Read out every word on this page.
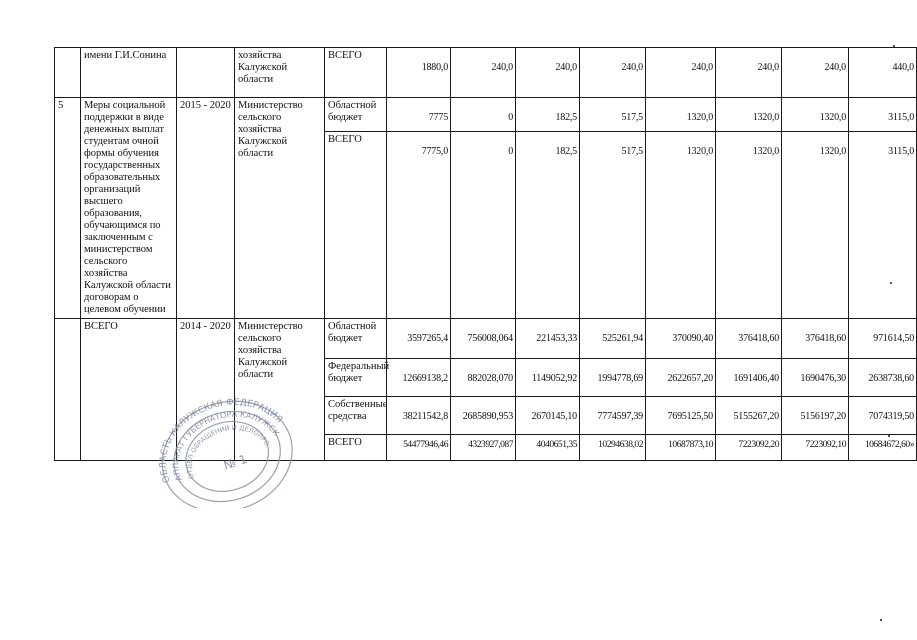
	имени Г.И.Сонина		хозяйства Калужской области	ВСЕГО	1880,0	240,0	240,0	240,0	240,0	240,0	240,0	440,0
5	Меры социальной поддержки в виде денежных выплат студентам очной формы обучения государственных образовательных организаций высшего образования, обучающимся по заключенным с министерством сельского хозяйства Калужской области договорам о целевом обучении	2015 - 2020	Министерство сельского хозяйства Калужской области	Областной бюджет	7775	0	182,5	517,5	1320,0	1320,0	1320,0	3115,0
				ВСЕГО	7775,0	0	182,5	517,5	1320,0	1320,0	1320,0	3115,0
	ВСЕГО	2014 - 2020	Министерство сельского хозяйства Калужской области	Областной бюджет	3597265,4	756008,064	221453,33	525261,94	370090,40	376418,60	376418,60	971614,50
				Федеральный бюджет	12669138,2	882028,070	1149052,92	1994778,69	2622657,20	1691406,40	1690476,30	2638738,60
				Собственные средства	38211542,8	2685890,953	2670145,10	7774597,39	7695125,50	5155267,20	5156197,20	7074319,50
				ВСЕГО	54477946,46	4323927,087	4040651,35	10294638,02	10687873,10	7223092,20	7223092,10	10684672,60»
ОБЛАСТЬ КАЛУЖСКАЯ ФЕДЕРАЦИЯ
АППАРАТ ГУБЕРНАТОРА КАЛУЖСКОЙ
ОТДЕЛ ОБРАЩЕНИЙ И ДЕЛОПРОИЗВОДСТВА
№ 1
